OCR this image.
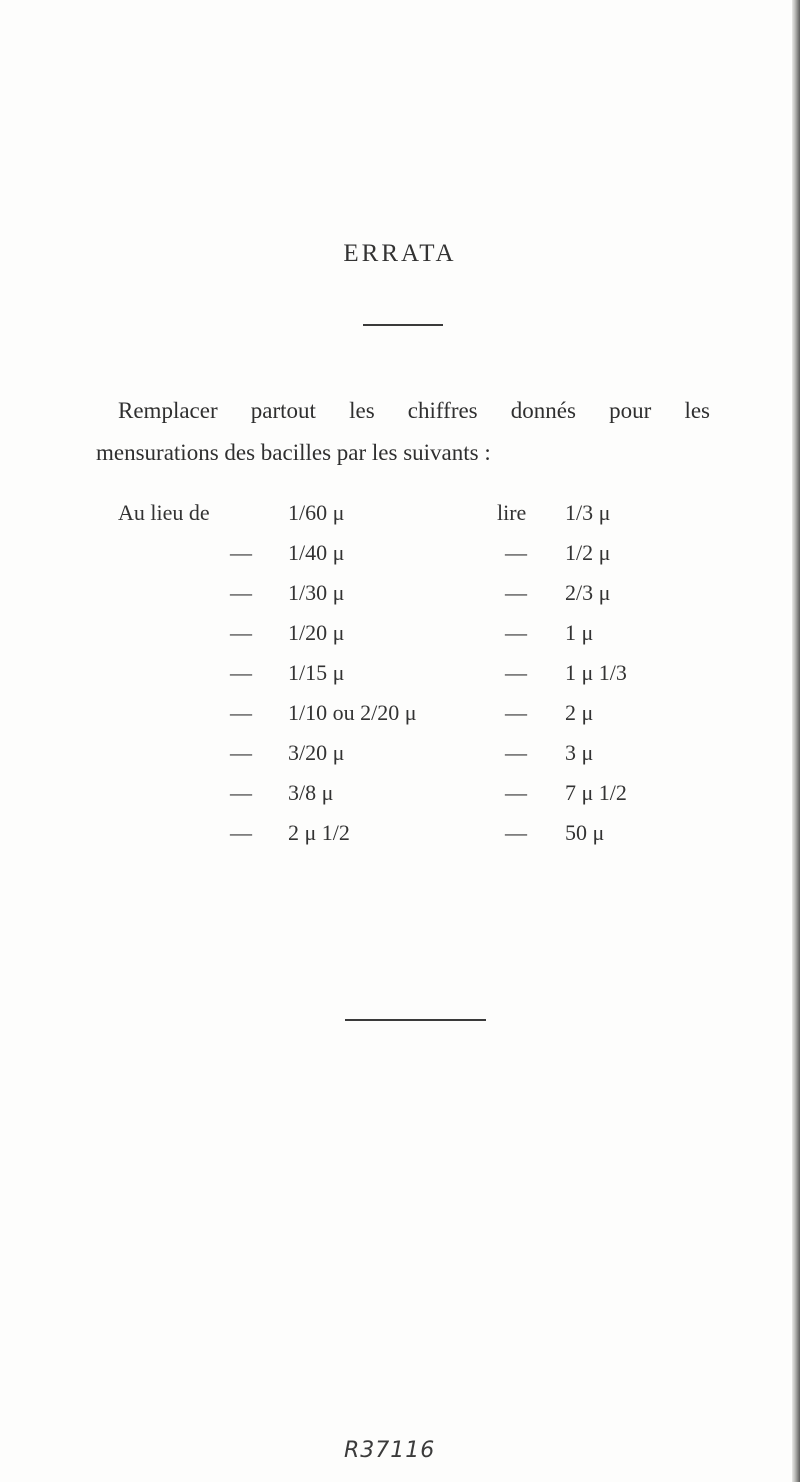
ERRATA
Remplacer partout les chiffres donnés pour les
mensurations des bacilles par les suivants :
Au lieu de	1/60 μ	lire 1/3 μ
— 1/40 μ	— 1/2 μ
— 1/30 μ	— 2/3 μ
— 1/20 μ	— 1 μ
— 1/15 μ	— 1 μ 1/3
— 1/10 ou 2/20 μ	— 2 μ
— 3/20 μ	— 3 μ
— 3/8 μ	— 7 μ 1/2
— 2 μ 1/2	— 50 μ
R37116
